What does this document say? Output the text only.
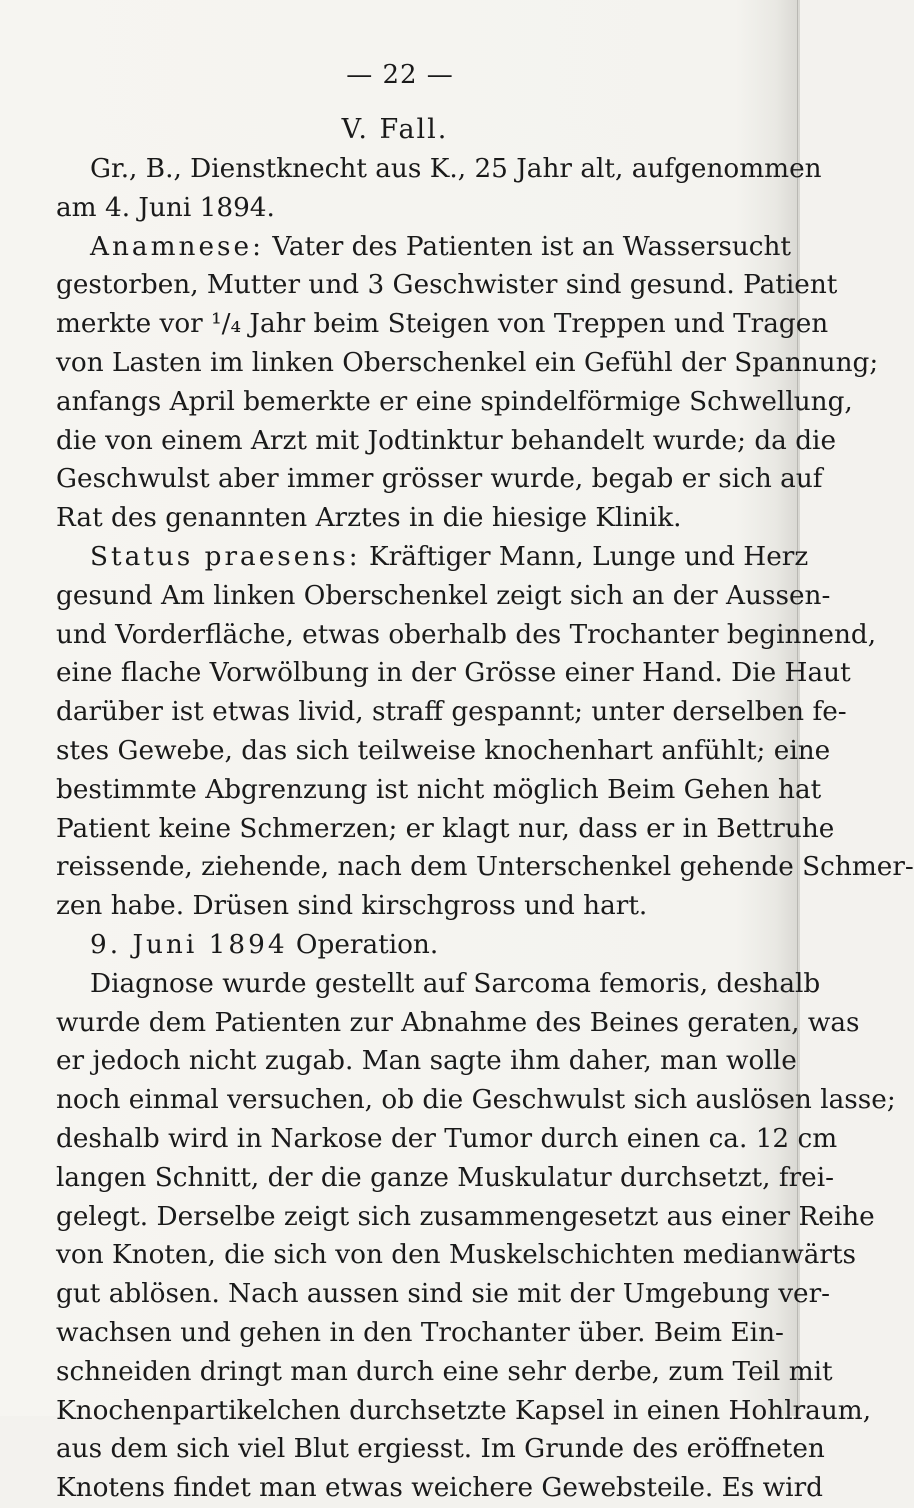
— 22 —
V. Fall.
Gr., B., Dienstknecht aus K., 25 Jahr alt, aufgenommen
am 4. Juni 1894.
Anamnese: Vater des Patienten ist an Wassersucht
gestorben, Mutter und 3 Geschwister sind gesund. Patient
merkte vor ¹/₄ Jahr beim Steigen von Treppen und Tragen
von Lasten im linken Oberschenkel ein Gefühl der Spannung;
anfangs April bemerkte er eine spindelförmige Schwellung,
die von einem Arzt mit Jodtinktur behandelt wurde; da die
Geschwulst aber immer grösser wurde, begab er sich auf
Rat des genannten Arztes in die hiesige Klinik.
Status praesens: Kräftiger Mann, Lunge und Herz
gesund Am linken Oberschenkel zeigt sich an der Aussen-
und Vorderfläche, etwas oberhalb des Trochanter beginnend,
eine flache Vorwölbung in der Grösse einer Hand. Die Haut
darüber ist etwas livid, straff gespannt; unter derselben fe-
stes Gewebe, das sich teilweise knochenhart anfühlt; eine
bestimmte Abgrenzung ist nicht möglich Beim Gehen hat
Patient keine Schmerzen; er klagt nur, dass er in Bettruhe
reissende, ziehende, nach dem Unterschenkel gehende Schmer-
zen habe. Drüsen sind kirschgross und hart.
9. Juni 1894 Operation.
Diagnose wurde gestellt auf Sarcoma femoris, deshalb
wurde dem Patienten zur Abnahme des Beines geraten, was
er jedoch nicht zugab. Man sagte ihm daher, man wolle
noch einmal versuchen, ob die Geschwulst sich auslösen lasse;
deshalb wird in Narkose der Tumor durch einen ca. 12 cm
langen Schnitt, der die ganze Muskulatur durchsetzt, frei-
gelegt. Derselbe zeigt sich zusammengesetzt aus einer Reihe
von Knoten, die sich von den Muskelschichten medianwärts
gut ablösen. Nach aussen sind sie mit der Umgebung ver-
wachsen und gehen in den Trochanter über. Beim Ein-
schneiden dringt man durch eine sehr derbe, zum Teil mit
Knochenpartikelchen durchsetzte Kapsel in einen Hohlraum,
aus dem sich viel Blut ergiesst. Im Grunde des eröffneten
Knotens findet man etwas weichere Gewebsteile. Es wird
